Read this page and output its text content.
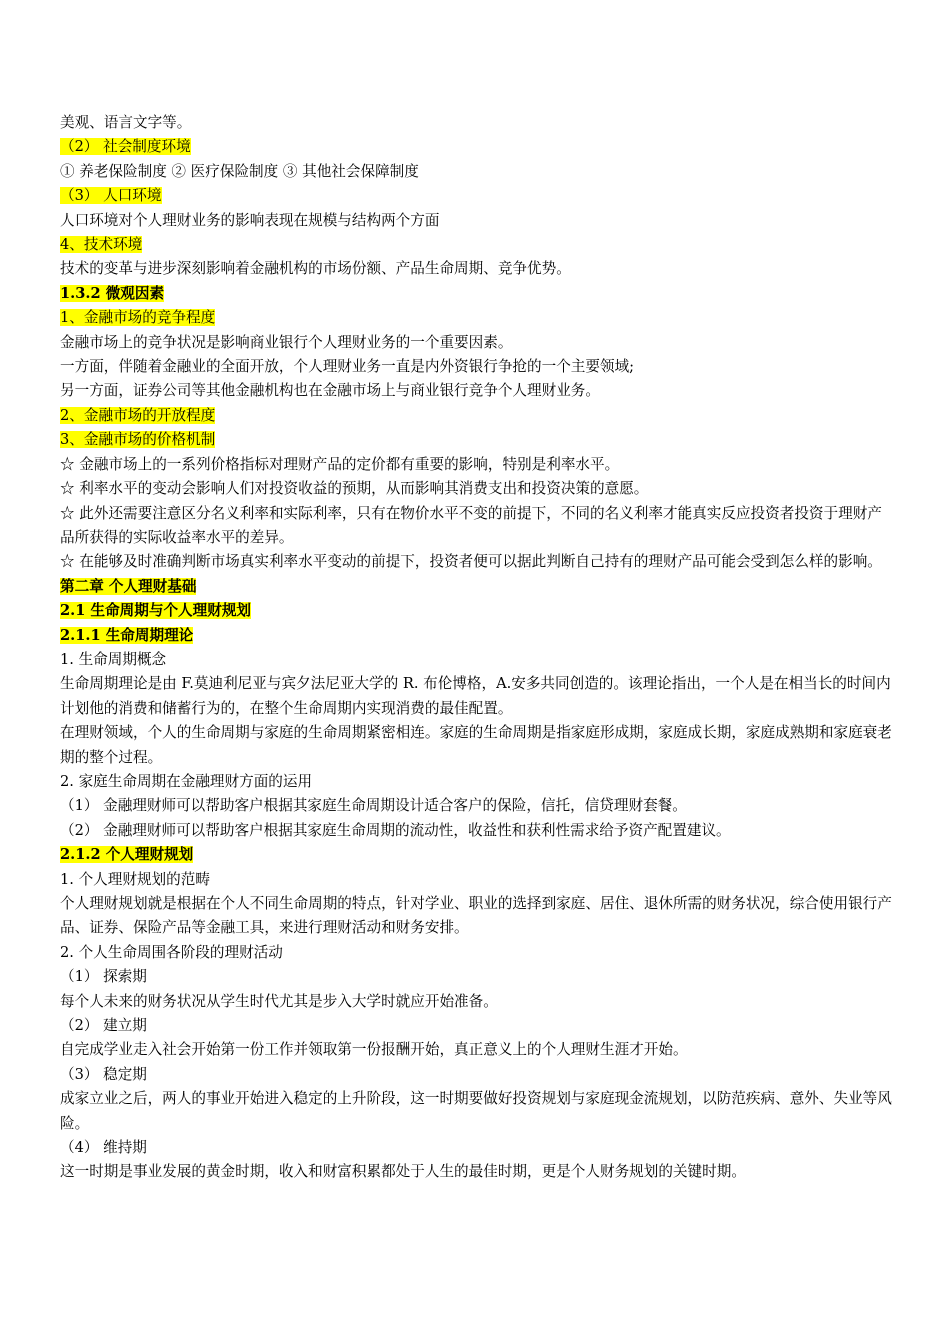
美观、语言文字等。
（2） 社会制度环境
① 养老保险制度 ② 医疗保险制度 ③ 其他社会保障制度
（3） 人口环境
人口环境对个人理财业务的影响表现在规模与结构两个方面
4、技术环境
技术的变革与进步深刻影响着金融机构的市场份额、产品生命周期、竞争优势。
1.3.2 微观因素
1、金融市场的竞争程度
金融市场上的竞争状况是影响商业银行个人理财业务的一个重要因素。
一方面，伴随着金融业的全面开放，个人理财业务一直是内外资银行争抢的一个主要领域;
另一方面，证券公司等其他金融机构也在金融市场上与商业银行竞争个人理财业务。
2、金融市场的开放程度
3、金融市场的价格机制
☆ 金融市场上的一系列价格指标对理财产品的定价都有重要的影响，特别是利率水平。
☆ 利率水平的变动会影响人们对投资收益的预期，从而影响其消费支出和投资决策的意愿。
☆ 此外还需要注意区分名义利率和实际利率，只有在物价水平不变的前提下，不同的名义利率才能真实反应投资者投资于理财产品所获得的实际收益率水平的差异。
☆ 在能够及时准确判断市场真实利率水平变动的前提下，投资者便可以据此判断自己持有的理财产品可能会受到怎么样的影响。
第二章 个人理财基础
2.1 生命周期与个人理财规划
2.1.1 生命周期理论
1. 生命周期概念
生命周期理论是由 F.莫迪利尼亚与宾夕法尼亚大学的 R. 布伦博格，A.安多共同创造的。该理论指出，一个人是在相当长的时间内计划他的消费和储蓄行为的，在整个生命周期内实现消费的最佳配置。
在理财领域，个人的生命周期与家庭的生命周期紧密相连。家庭的生命周期是指家庭形成期，家庭成长期，家庭成熟期和家庭衰老期的整个过程。
2. 家庭生命周期在金融理财方面的运用
（1） 金融理财师可以帮助客户根据其家庭生命周期设计适合客户的保险，信托，信贷理财套餐。
（2） 金融理财师可以帮助客户根据其家庭生命周期的流动性，收益性和获利性需求给予资产配置建议。
2.1.2 个人理财规划
1. 个人理财规划的范畴
个人理财规划就是根据在个人不同生命周期的特点，针对学业、职业的选择到家庭、居住、退休所需的财务状况，综合使用银行产品、证券、保险产品等金融工具，来进行理财活动和财务安排。
2. 个人生命周围各阶段的理财活动
（1） 探索期
每个人未来的财务状况从学生时代尤其是步入大学时就应开始准备。
（2） 建立期
自完成学业走入社会开始第一份工作并领取第一份报酬开始，真正意义上的个人理财生涯才开始。
（3） 稳定期
成家立业之后，两人的事业开始进入稳定的上升阶段，这一时期要做好投资规划与家庭现金流规划，以防范疾病、意外、失业等风险。
（4） 维持期
这一时期是事业发展的黄金时期，收入和财富积累都处于人生的最佳时期，更是个人财务规划的关键时期。
